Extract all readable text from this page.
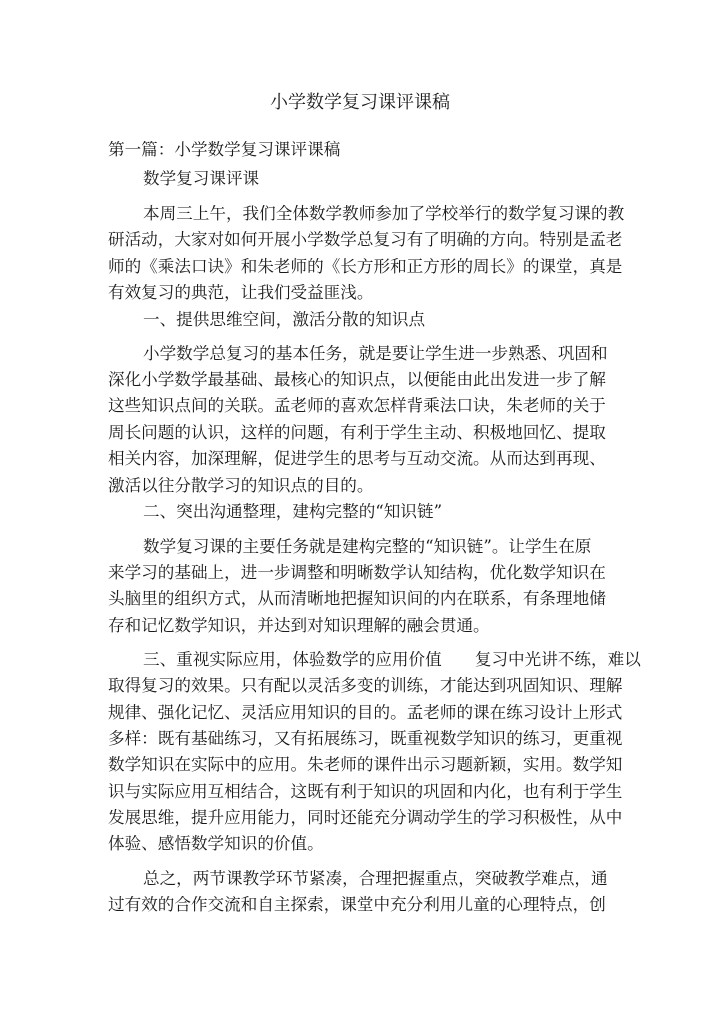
小学数学复习课评课稿
第一篇：小学数学复习课评课稿
数学复习课评课
本周三上午，我们全体数学教师参加了学校举行的数学复习课的教
研活动，大家对如何开展小学数学总复习有了明确的方向。特别是孟老
师的《乘法口诀》和朱老师的《长方形和正方形的周长》的课堂，真是
有效复习的典范，让我们受益匪浅。
一、提供思维空间，激活分散的知识点
小学数学总复习的基本任务，就是要让学生进一步熟悉、巩固和
深化小学数学最基础、最核心的知识点，以便能由此出发进一步了解
这些知识点间的关联。孟老师的喜欢怎样背乘法口诀，朱老师的关于
周长问题的认识，这样的问题，有利于学生主动、积极地回忆、提取
相关内容，加深理解，促进学生的思考与互动交流。从而达到再现、
激活以往分散学习的知识点的目的。
二、突出沟通整理，建构完整的“知识链”
数学复习课的主要任务就是建构完整的“知识链”。让学生在原
来学习的基础上，进一步调整和明晰数学认知结构，优化数学知识在
头脑里的组织方式，从而清晰地把握知识间的内在联系，有条理地储
存和记忆数学知识，并达到对知识理解的融会贯通。
三、重视实际应用，体验数学的应用价值　　复习中光讲不练，难以
取得复习的效果。只有配以灵活多变的训练，才能达到巩固知识、理解
规律、强化记忆、灵活应用知识的目的。孟老师的课在练习设计上形式
多样：既有基础练习，又有拓展练习，既重视数学知识的练习，更重视
数学知识在实际中的应用。朱老师的课件出示习题新颖，实用。数学知
识与实际应用互相结合，这既有利于知识的巩固和内化，也有利于学生
发展思维，提升应用能力，同时还能充分调动学生的学习积极性，从中
体验、感悟数学知识的价值。
总之，两节课教学环节紧凑，合理把握重点，突破教学难点，通
过有效的合作交流和自主探索，课堂中充分利用儿童的心理特点，创
